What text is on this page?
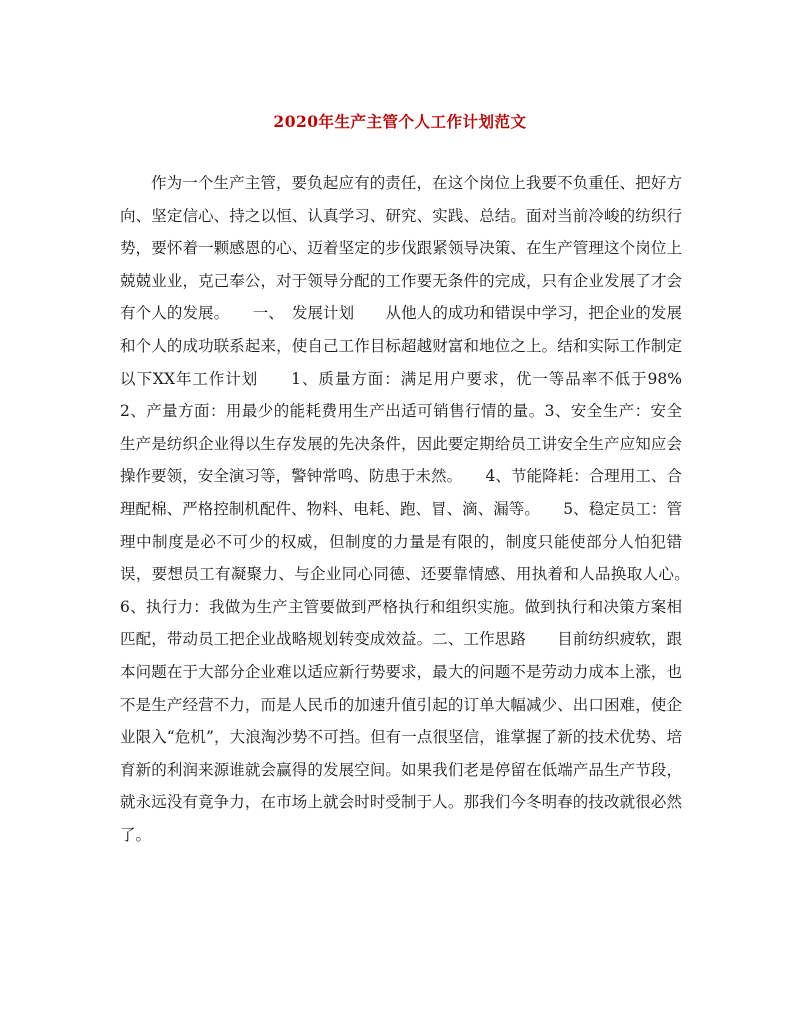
2020年生产主管个人工作计划范文

作为一个生产主管，要负起应有的责任，在这个岗位上我要不负重任、把好方向、坚定信心、持之以恒、认真学习、研究、实践、总结。面对当前冷峻的纺织行势，要怀着一颗感恩的心、迈着坚定的步伐跟紧领导决策、在生产管理这个岗位上兢兢业业，克己奉公，对于领导分配的工作要无条件的完成，只有企业发展了才会有个人的发展。　　一、　发展计划　　从他人的成功和错误中学习，把企业的发展和个人的成功联系起来，使自己工作目标超越财富和地位之上。结和实际工作制定以下XX年工作计划　　1、质量方面：满足用户要求，优一等品率不低于98%　　2、产量方面：用最少的能耗费用生产出适可销售行情的量。3、安全生产：安全生产是纺织企业得以生存发展的先决条件，因此要定期给员工讲安全生产应知应会操作要领，安全演习等，警钟常鸣、防患于未然。　　4、节能降耗：合理用工、合理配棉、严格控制机配件、物料、电耗、跑、冒、滴、漏等。　　5、稳定员工：管理中制度是必不可少的权威，但制度的力量是有限的，制度只能使部分人怕犯错误，要想员工有凝聚力、与企业同心同德、还要靠情感、用执着和人品换取人心。　　6、执行力：我做为生产主管要做到严格执行和组织实施。做到执行和决策方案相匹配，带动员工把企业战略规划转变成效益。二、工作思路　　目前纺织疲软，跟本问题在于大部分企业难以适应新行势要求，最大的问题不是劳动力成本上涨，也不是生产经营不力，而是人民币的加速升值引起的订单大幅减少、出口困难，使企业限入“危机”，大浪淘沙势不可挡。但有一点很坚信，谁掌握了新的技术优势、培育新的利润来源谁就会赢得的发展空间。如果我们老是停留在低端产品生产节段，就永远没有竟争力，在市场上就会时时受制于人。那我们今冬明春的技改就很必然了。
